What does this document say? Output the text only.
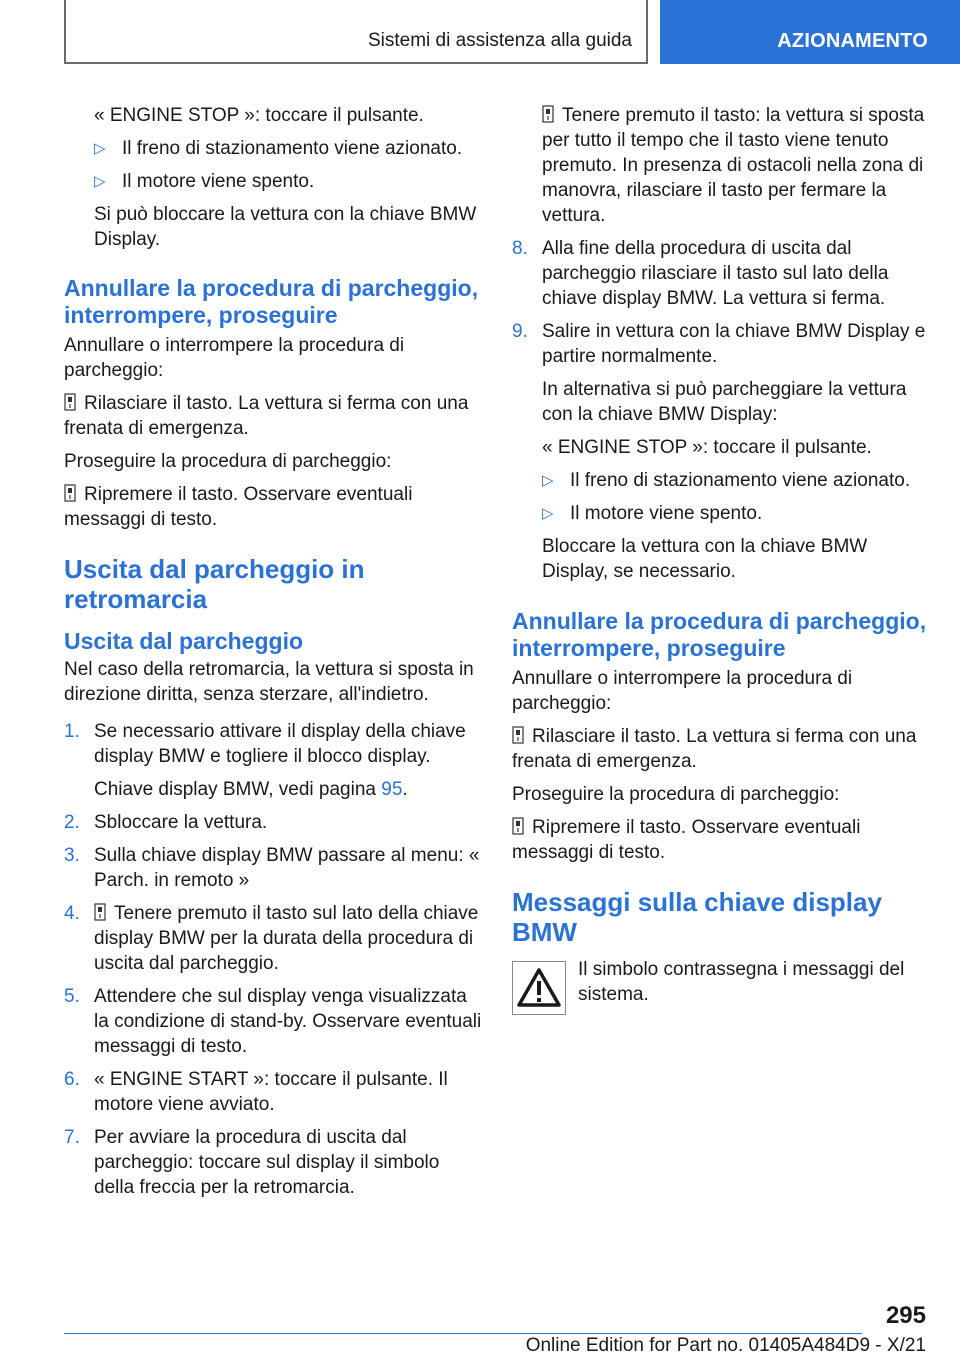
Sistemi di assistenza alla guida	AZIONAMENTO

« ENGINE STOP »: toccare il pulsante.

▷ Il freno di stazionamento viene azionato.
▷ Il motore viene spento.

Si può bloccare la vettura con la chiave BMW Display.

Annullare la procedura di parcheggio, interrompere, proseguire

Annullare o interrompere la procedura di parcheggio:

Rilasciare il tasto. La vettura si ferma con una frenata di emergenza.

Proseguire la procedura di parcheggio:

Ripremere il tasto. Osservare eventuali messaggi di testo.

Uscita dal parcheggio in retromarcia
Uscita dal parcheggio

Nel caso della retromarcia, la vettura si sposta in direzione diritta, senza sterzare, all'indietro.

1. Se necessario attivare il display della chiave display BMW e togliere il blocco display.
Chiave display BMW, vedi pagina 95.
2. Sbloccare la vettura.
3. Sulla chiave display BMW passare al menu: « Parch. in remoto »
4. Tenere premuto il tasto sul lato della chiave display BMW per la durata della procedura di uscita dal parcheggio.
5. Attendere che sul display venga visualizzata la condizione di stand-by. Osservare eventuali messaggi di testo.
6. « ENGINE START »: toccare il pulsante. Il motore viene avviato.
7. Per avviare la procedura di uscita dal parcheggio: toccare sul display il simbolo della freccia per la retromarcia.

Tenere premuto il tasto: la vettura si sposta per tutto il tempo che il tasto viene tenuto premuto. In presenza di ostacoli nella zona di manovra, rilasciare il tasto per fermare la vettura.

8. Alla fine della procedura di uscita dal parcheggio rilasciare il tasto sul lato della chiave display BMW. La vettura si ferma.
9. Salire in vettura con la chiave BMW Display e partire normalmente.
In alternativa si può parcheggiare la vettura con la chiave BMW Display:
« ENGINE STOP »: toccare il pulsante.
▷ Il freno di stazionamento viene azionato.
▷ Il motore viene spento.
Bloccare la vettura con la chiave BMW Display, se necessario.
Annullare la procedura di parcheggio, interrompere, proseguire

Annullare o interrompere la procedura di parcheggio:

Rilasciare il tasto. La vettura si ferma con una frenata di emergenza.

Proseguire la procedura di parcheggio:

Ripremere il tasto. Osservare eventuali messaggi di testo.

Messaggi sulla chiave display BMW

Il simbolo contrassegna i messaggi del sistema.

295
Online Edition for Part no. 01405A484D9 - X/21
